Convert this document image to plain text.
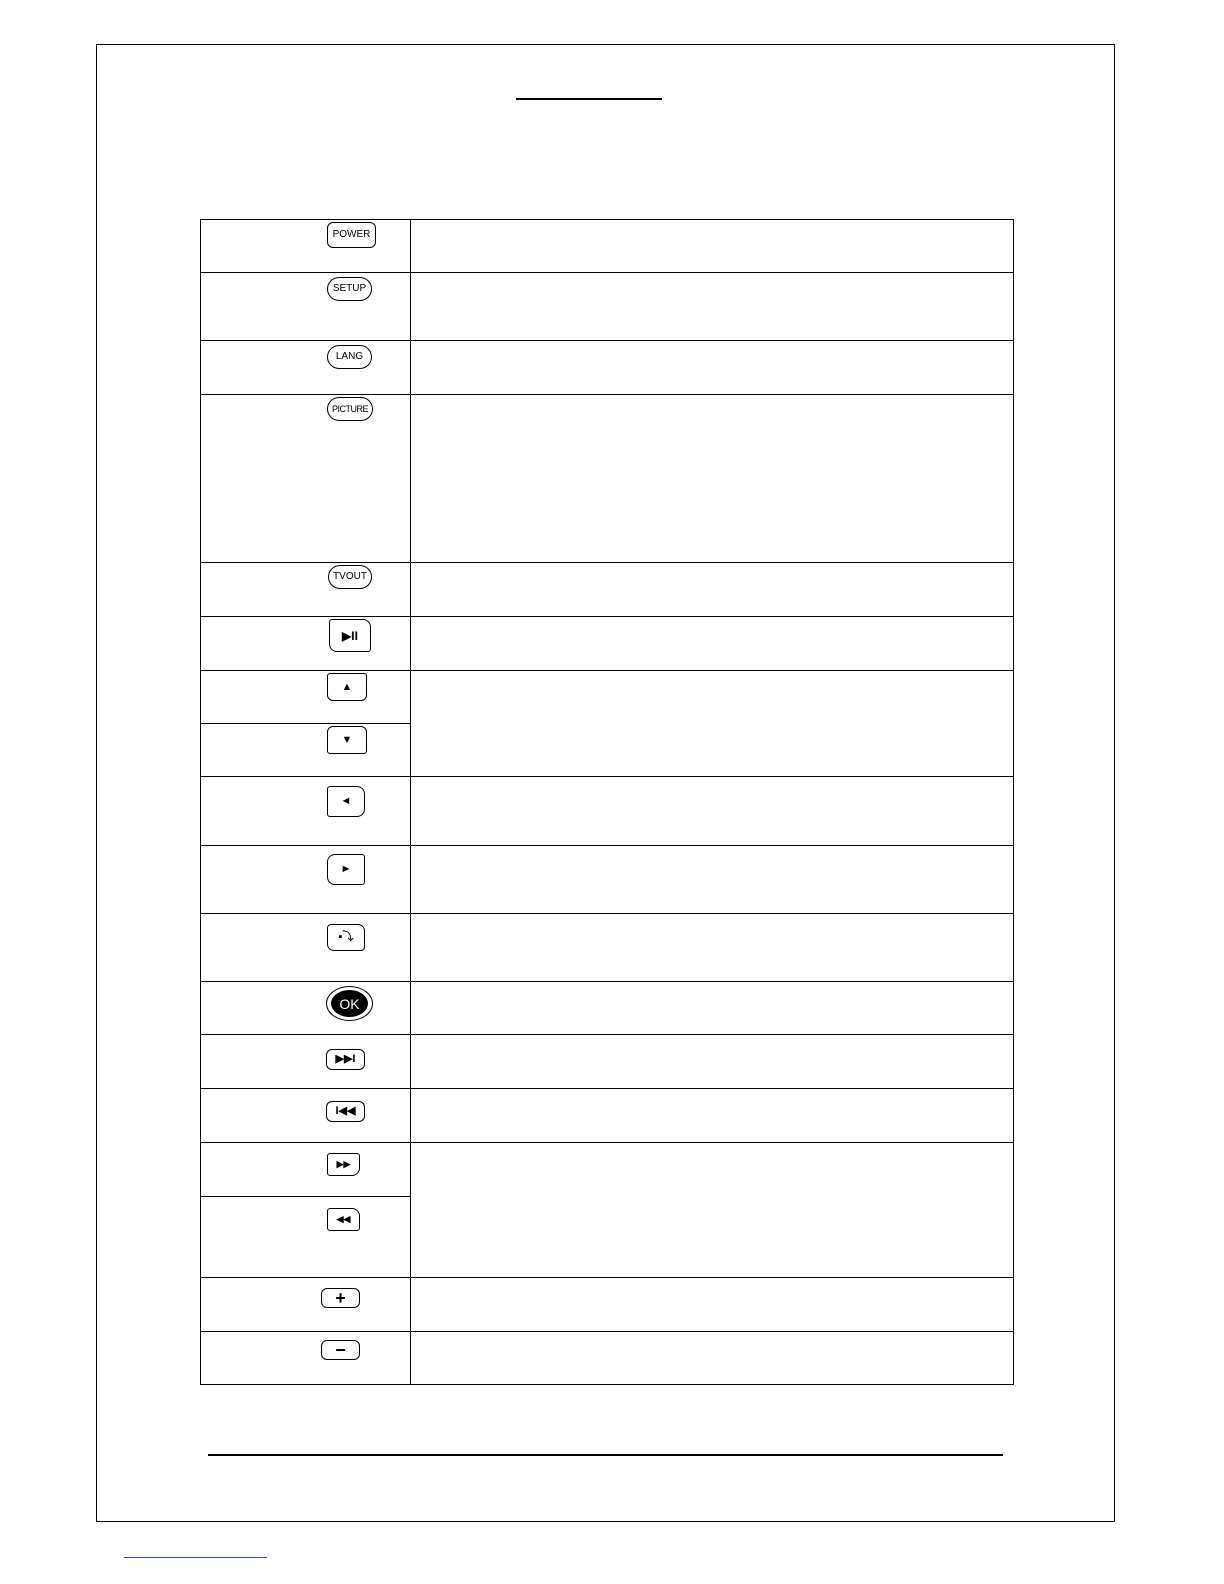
POWER	

SETUP	

LANG	

PICTURE	

TVOUT	

▶II	

▲	

▼	

◄	

►	

▪⤵	

OK	

▶▶I	

I◀◀	

▶▶	

◀◀	

+	

−	
